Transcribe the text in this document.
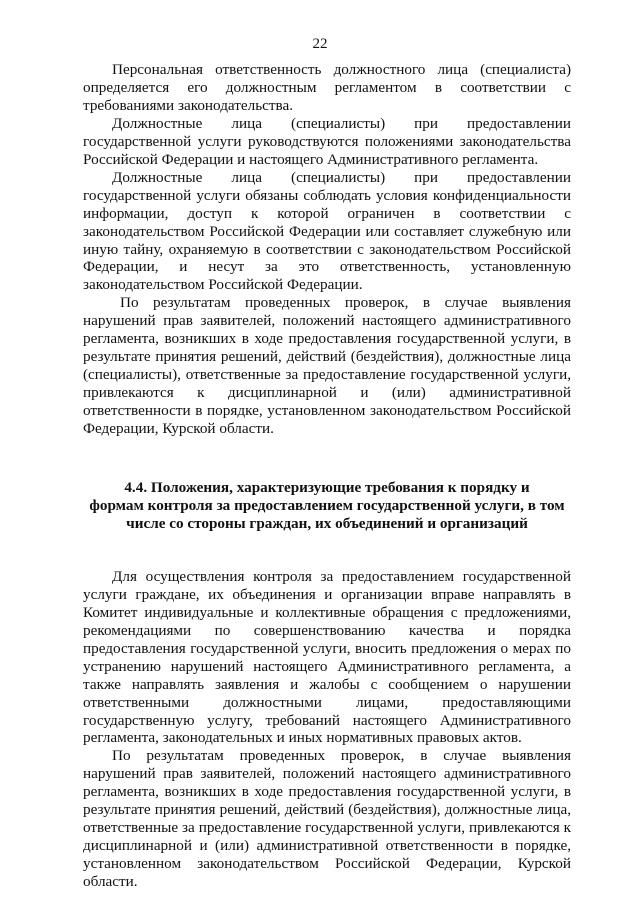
22
Персональная ответственность должностного лица (специалиста)
определяется его должностным регламентом в соответствии с
требованиями законодательства.
Должностные лица (специалисты) при предоставлении
государственной услуги руководствуются положениями законодательства
Российской Федерации и настоящего Административного регламента.
Должностные лица (специалисты) при предоставлении
государственной услуги обязаны соблюдать условия конфиденциальности
информации, доступ к которой ограничен в соответствии с
законодательством Российской Федерации или составляет служебную или
иную тайну, охраняемую в соответствии с законодательством Российской
Федерации, и несут за это ответственность, установленную
законодательством Российской Федерации.
По результатам проведенных проверок, в случае выявления
нарушений прав заявителей, положений настоящего административного
регламента, возникших в ходе предоставления государственной услуги, в
результате принятия решений, действий (бездействия), должностные лица
(специалисты), ответственные за предоставление государственной услуги,
привлекаются к дисциплинарной и (или) административной
ответственности в порядке, установленном законодательством Российской
Федерации, Курской области.
4.4. Положения, характеризующие требования к порядку и
формам контроля за предоставлением государственной услуги, в том
числе со стороны граждан, их объединений и организаций
Для осуществления контроля за предоставлением государственной
услуги граждане, их объединения и организации вправе направлять в
Комитет индивидуальные и коллективные обращения с предложениями,
рекомендациями по совершенствованию качества и порядка
предоставления государственной услуги, вносить предложения о мерах по
устранению нарушений настоящего Административного регламента, а
также направлять заявления и жалобы с сообщением о нарушении
ответственными должностными лицами, предоставляющими
государственную услугу, требований настоящего Административного
регламента, законодательных и иных нормативных правовых актов.
По результатам проведенных проверок, в случае выявления
нарушений прав заявителей, положений настоящего административного
регламента, возникших в ходе предоставления государственной услуги, в
результате принятия решений, действий (бездействия), должностные лица,
ответственные за предоставление государственной услуги, привлекаются к
дисциплинарной и (или) административной ответственности в порядке,
установленном законодательством Российской Федерации, Курской
области.
